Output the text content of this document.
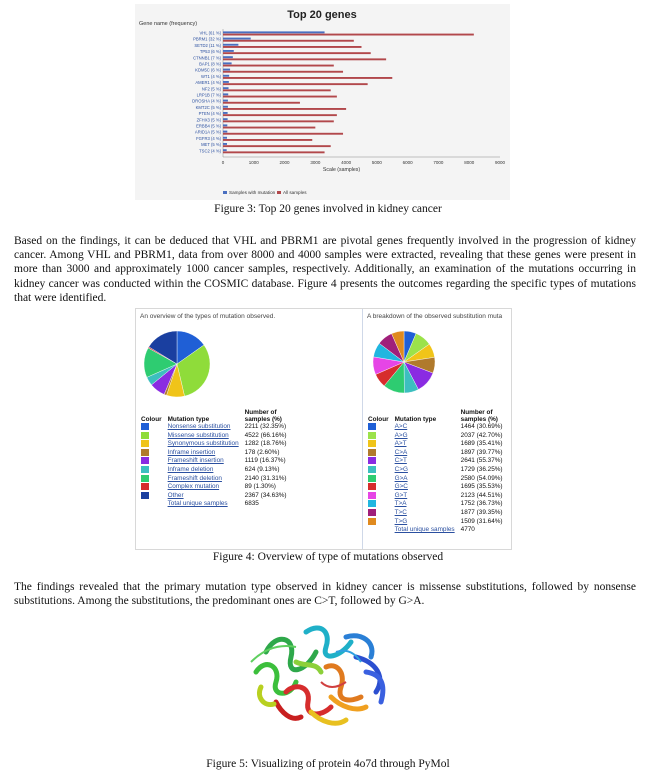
Top 20 genes
Gene name (frequency)
VHL (61 %)
PBRM1 (32 %)
SETD2 (11 %)
TP53 (6 %)
CTNNB1 (7 %)
BAP1 (8 %)
KDM5C (6 %)
WT1 (4 %)
AMER1 (4 %)
NF2 (5 %)
LRP1B (7 %)
DROSHA (4 %)
KMT2C (5 %)
PTEN (4 %)
ZFHX3 (5 %)
ERBB4 (5 %)
ARID1A (5 %)
FGFR3 (4 %)
MET (5 %)
TSC2 (4 %)
0	1000	2000	3000	4000	5000	6000	7000	8000	9000
Scale (samples)
Samples with mutation All samples
Figure 3: Top 20 genes involved in kidney cancer
Based on the findings, it can be deduced that VHL and PBRM1 are pivotal genes frequently involved in the progression of kidney cancer. Among VHL and PBRM1, data from over 8000 and 4000 samples were extracted, revealing that these genes were present in more than 3000 and approximately 1000 cancer samples, respectively. Additionally, an examination of the mutations occurring in kidney cancer was conducted within the COSMIC database. Figure 4 presents the outcomes regarding the specific types of mutations that were identified.
An overview of the types of mutation observed.
Colour	Mutation type	Number of samples (%)
	Nonsense substitution	2211 (32.35%)
	Missense substitution	4522 (66.16%)
	Synonymous substitution	1282 (18.76%)
	Inframe insertion	178 (2.60%)
	Frameshift insertion	1119 (16.37%)
	Inframe deletion	624 (9.13%)
	Frameshift deletion	2140 (31.31%)
	Complex mutation	89 (1.30%)
	Other	2367 (34.63%)
	Total unique samples	6835
A breakdown of the observed substitution muta
Colour	Mutation type	Number of samples (%)
	A>C	1464 (30.69%)
	A>G	2037 (42.70%)
	A>T	1689 (35.41%)
	C>A	1897 (39.77%)
	C>T	2641 (55.37%)
	C>G	1729 (36.25%)
	G>A	2580 (54.09%)
	G>C	1695 (35.53%)
	G>T	2123 (44.51%)
	T>A	1752 (36.73%)
	T>C	1877 (39.35%)
	T>G	1509 (31.64%)
	Total unique samples	4770
Figure 4: Overview of type of mutations observed
The findings revealed that the primary mutation type observed in kidney cancer is missense substitutions, followed by nonsense substitutions. Among the substitutions, the predominant ones are C>T, followed by G>A.
Figure 5: Visualizing of protein 4o7d through PyMol
